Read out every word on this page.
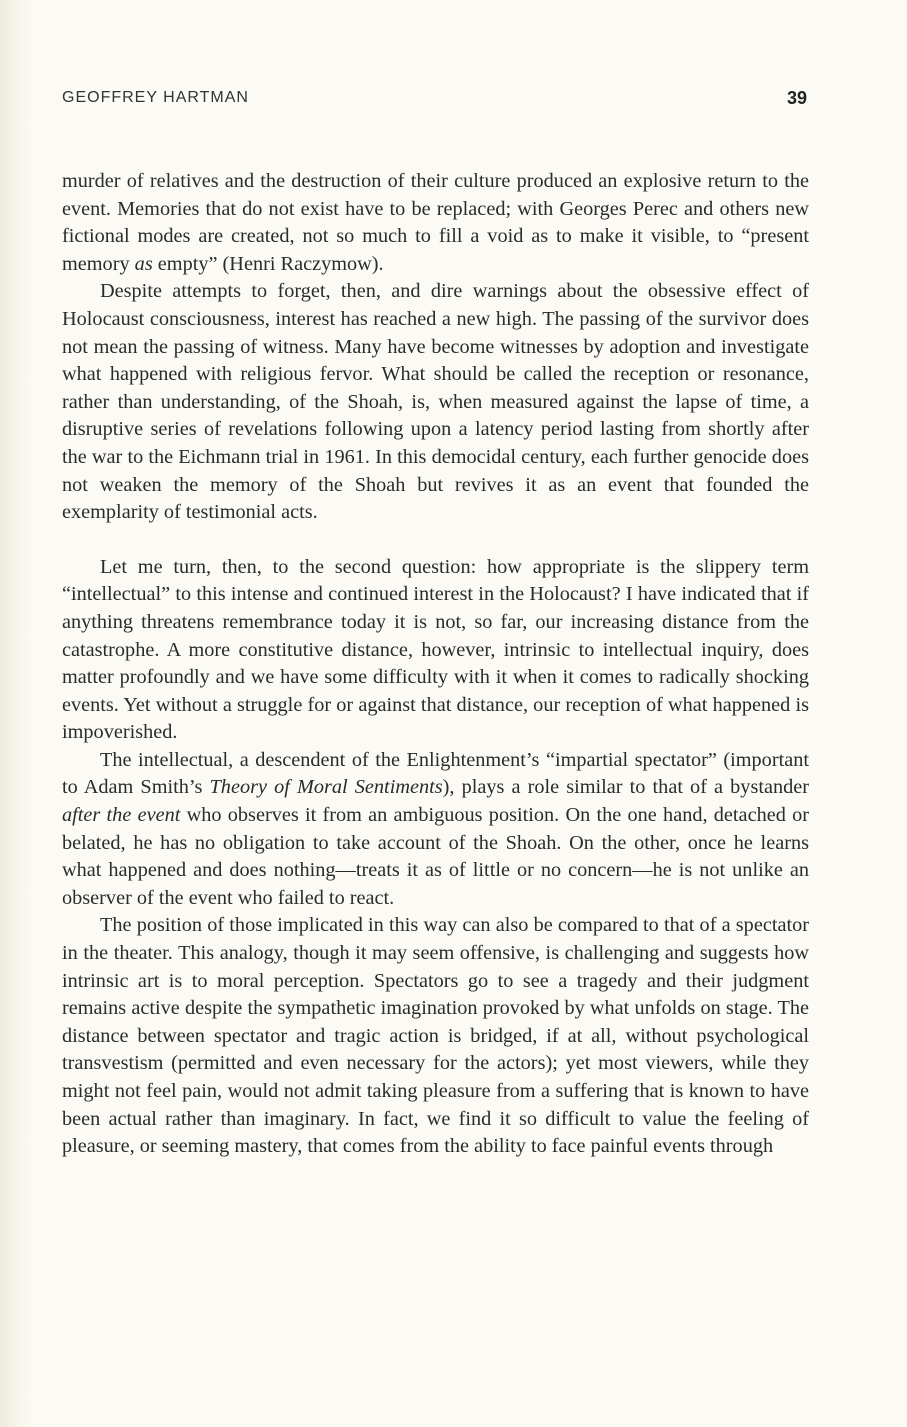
GEOFFREY HARTMAN	39

murder of relatives and the destruction of their culture produced an explosive return to the event. Memories that do not exist have to be replaced; with Georges Perec and others new fictional modes are created, not so much to fill a void as to make it visible, to “present memory as empty” (Henri Raczymow).

Despite attempts to forget, then, and dire warnings about the obsessive effect of Holocaust consciousness, interest has reached a new high. The passing of the survivor does not mean the passing of witness. Many have become witnesses by adoption and investigate what happened with religious fervor. What should be called the reception or resonance, rather than understanding, of the Shoah, is, when measured against the lapse of time, a disruptive series of revelations following upon a latency period lasting from shortly after the war to the Eichmann trial in 1961. In this democidal century, each further genocide does not weaken the memory of the Shoah but revives it as an event that founded the exemplarity of testimonial acts.

Let me turn, then, to the second question: how appropriate is the slippery term “intellectual” to this intense and continued interest in the Holocaust? I have indicated that if anything threatens remembrance today it is not, so far, our increasing distance from the catastrophe. A more constitutive distance, however, intrinsic to intellectual inquiry, does matter profoundly and we have some difficulty with it when it comes to radically shocking events. Yet without a struggle for or against that distance, our reception of what happened is impoverished.

The intellectual, a descendent of the Enlightenment’s “impartial spectator” (important to Adam Smith’s Theory of Moral Sentiments), plays a role similar to that of a bystander after the event who observes it from an ambiguous position. On the one hand, detached or belated, he has no obligation to take account of the Shoah. On the other, once he learns what happened and does nothing—treats it as of little or no concern—he is not unlike an observer of the event who failed to react.

The position of those implicated in this way can also be compared to that of a spectator in the theater. This analogy, though it may seem offensive, is challenging and suggests how intrinsic art is to moral perception. Spectators go to see a tragedy and their judgment remains active despite the sympathetic imagination provoked by what unfolds on stage. The distance between spectator and tragic action is bridged, if at all, without psychological transvestism (permitted and even necessary for the actors); yet most viewers, while they might not feel pain, would not admit taking pleasure from a suffering that is known to have been actual rather than imaginary. In fact, we find it so difficult to value the feeling of pleasure, or seeming mastery, that comes from the ability to face painful events through
